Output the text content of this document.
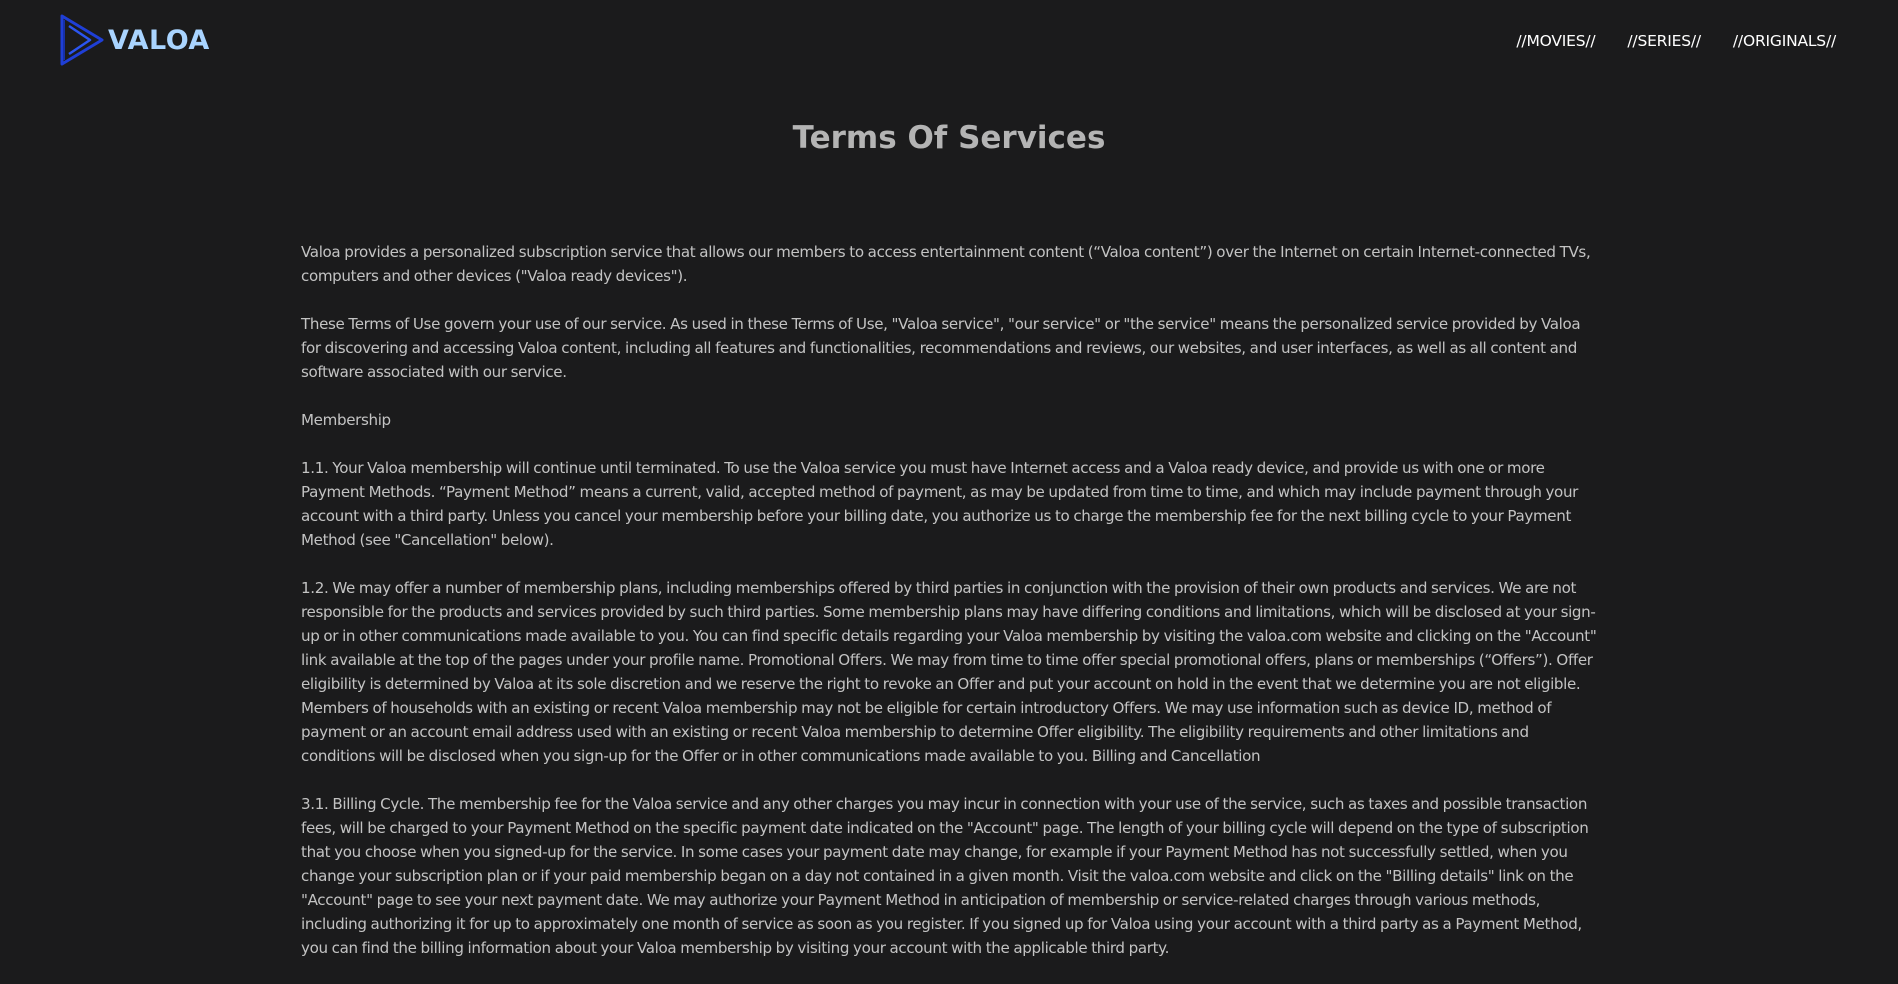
VALOA	//MOVIES// //SERIES// //ORIGINALS//
Terms Of Services

Valoa provides a personalized subscription service that allows our members to access entertainment content (“Valoa content”) over the Internet on certain Internet-connected TVs, computers and other devices ("Valoa ready devices").

These Terms of Use govern your use of our service. As used in these Terms of Use, "Valoa service", "our service" or "the service" means the personalized service provided by Valoa for discovering and accessing Valoa content, including all features and functionalities, recommendations and reviews, our websites, and user interfaces, as well as all content and software associated with our service.

Membership

1.1. Your Valoa membership will continue until terminated. To use the Valoa service you must have Internet access and a Valoa ready device, and provide us with one or more Payment Methods. “Payment Method” means a current, valid, accepted method of payment, as may be updated from time to time, and which may include payment through your account with a third party. Unless you cancel your membership before your billing date, you authorize us to charge the membership fee for the next billing cycle to your Payment Method (see "Cancellation" below).

1.2. We may offer a number of membership plans, including memberships offered by third parties in conjunction with the provision of their own products and services. We are not responsible for the products and services provided by such third parties. Some membership plans may have differing conditions and limitations, which will be disclosed at your sign-up or in other communications made available to you. You can find specific details regarding your Valoa membership by visiting the valoa.com website and clicking on the "Account" link available at the top of the pages under your profile name. Promotional Offers. We may from time to time offer special promotional offers, plans or memberships (“Offers”). Offer eligibility is determined by Valoa at its sole discretion and we reserve the right to revoke an Offer and put your account on hold in the event that we determine you are not eligible. Members of households with an existing or recent Valoa membership may not be eligible for certain introductory Offers. We may use information such as device ID, method of payment or an account email address used with an existing or recent Valoa membership to determine Offer eligibility. The eligibility requirements and other limitations and conditions will be disclosed when you sign-up for the Offer or in other communications made available to you. Billing and Cancellation

3.1. Billing Cycle. The membership fee for the Valoa service and any other charges you may incur in connection with your use of the service, such as taxes and possible transaction fees, will be charged to your Payment Method on the specific payment date indicated on the "Account" page. The length of your billing cycle will depend on the type of subscription that you choose when you signed-up for the service. In some cases your payment date may change, for example if your Payment Method has not successfully settled, when you change your subscription plan or if your paid membership began on a day not contained in a given month. Visit the valoa.com website and click on the "Billing details" link on the "Account" page to see your next payment date. We may authorize your Payment Method in anticipation of membership or service-related charges through various methods, including authorizing it for up to approximately one month of service as soon as you register. If you signed up for Valoa using your account with a third party as a Payment Method, you can find the billing information about your Valoa membership by visiting your account with the applicable third party.
